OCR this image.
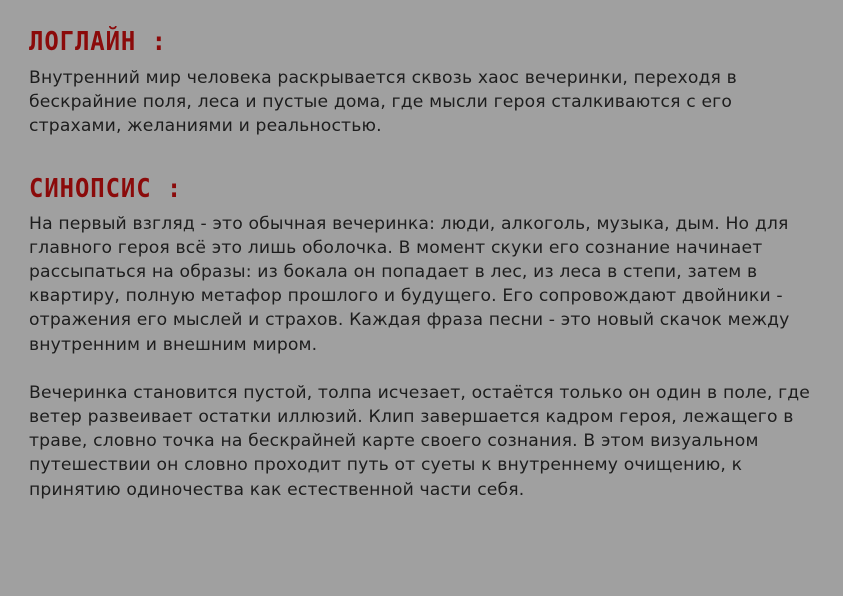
ЛОГЛАЙН :

Внутренний мир человека раскрывается сквозь хаос вечеринки, переходя в бескрайние поля, леса и пустые дома, где мысли героя сталкиваются с его страхами, желаниями и реальностью.

СИНОПСИС :

На первый взгляд - это обычная вечеринка: люди, алкоголь, музыка, дым. Но для главного героя всё это лишь оболочка. В момент скуки его сознание начинает рассыпаться на образы: из бокала он попадает в лес, из леса в степи, затем в квартиру, полную метафор прошлого и будущего. Его сопровождают двойники - отражения его мыслей и страхов. Каждая фраза песни - это новый скачок между внутренним и внешним миром.

Вечеринка становится пустой, толпа исчезает, остаётся только он один в поле, где ветер развеивает остатки иллюзий. Клип завершается кадром героя, лежащего в траве, словно точка на бескрайней карте своего сознания. В этом визуальном путешествии он словно проходит путь от суеты к внутреннему очищению, к принятию одиночества как естественной части себя.
